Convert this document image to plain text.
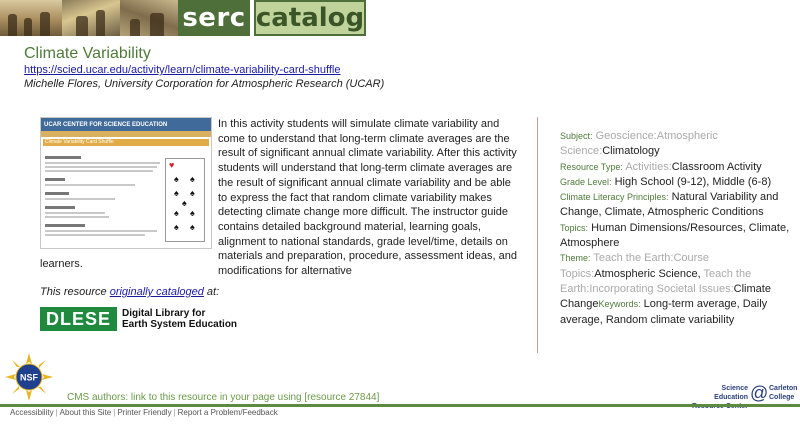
serc catalog
Climate Variability
https://scied.ucar.edu/activity/learn/climate-variability-card-shuffle
Michelle Flores, University Corporation for Atmospheric Research (UCAR)
UCAR CENTER FOR SCIENCE EDUCATION
Climate Variability Card Shuffle
♥
♠ ♠
♠ ♠
♠
♠ ♠
♠ ♠
In this activity students will simulate climate variability and come to understand that long-term climate averages are the result of significant annual climate variability. After this activity students will understand that long-term climate averages are the result of significant annual climate variability and be able to express the fact that random climate variability makes detecting climate change more difficult. The instructor guide contains detailed background material, learning goals, alignment to national standards, grade level/time, details on materials and preparation, procedure, assessment ideas, and modifications for alternative
learners.
This resource originally cataloged at:
DLESE	Digital Library for
Earth System Education
Subject: Geoscience:Atmospheric Science:Climatology
Resource Type: Activities:Classroom Activity
Grade Level: High School (9-12), Middle (6-8)
Climate Literacy Principles: Natural Variability and Change, Climate, Atmospheric Conditions
Topics: Human Dimensions/Resources, Climate, Atmosphere
Theme: Teach the Earth:Course Topics:Atmospheric Science, Teach the Earth:Incorporating Societal Issues:Climate ChangeKeywords: Long-term average, Daily average, Random climate variability
NSF
CMS authors: link to this resource in your page using [resource 27844]
Science Education @ Carleton
College
Accessibility | About this Site | Printer Friendly | Report a Problem/Feedback
